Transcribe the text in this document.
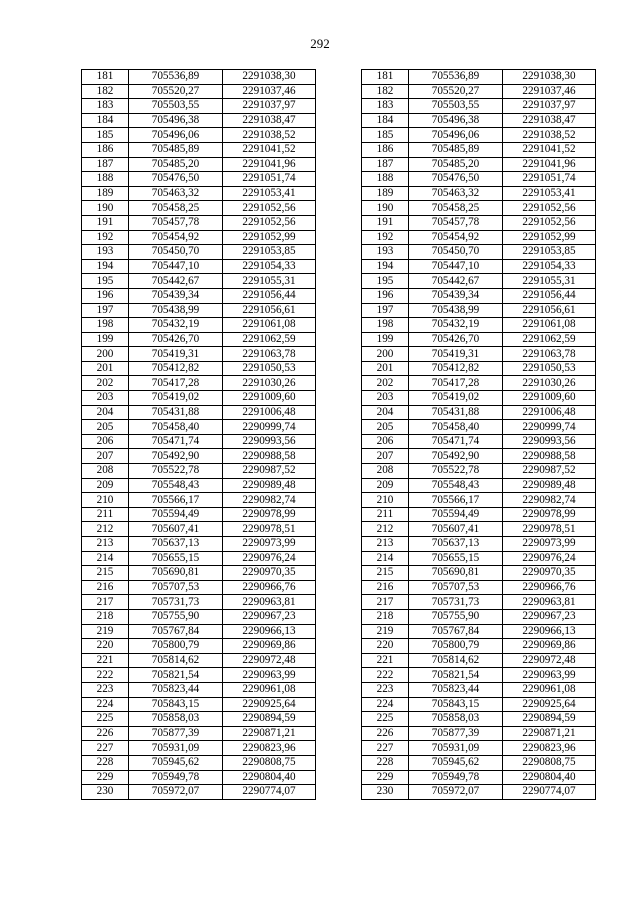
292
181	705536,89	2291038,30		181	705536,89	2291038,30
182	705520,27	2291037,46		182	705520,27	2291037,46
183	705503,55	2291037,97		183	705503,55	2291037,97
184	705496,38	2291038,47		184	705496,38	2291038,47
185	705496,06	2291038,52		185	705496,06	2291038,52
186	705485,89	2291041,52		186	705485,89	2291041,52
187	705485,20	2291041,96		187	705485,20	2291041,96
188	705476,50	2291051,74		188	705476,50	2291051,74
189	705463,32	2291053,41		189	705463,32	2291053,41
190	705458,25	2291052,56		190	705458,25	2291052,56
191	705457,78	2291052,56		191	705457,78	2291052,56
192	705454,92	2291052,99		192	705454,92	2291052,99
193	705450,70	2291053,85		193	705450,70	2291053,85
194	705447,10	2291054,33		194	705447,10	2291054,33
195	705442,67	2291055,31		195	705442,67	2291055,31
196	705439,34	2291056,44		196	705439,34	2291056,44
197	705438,99	2291056,61		197	705438,99	2291056,61
198	705432,19	2291061,08		198	705432,19	2291061,08
199	705426,70	2291062,59		199	705426,70	2291062,59
200	705419,31	2291063,78		200	705419,31	2291063,78
201	705412,82	2291050,53		201	705412,82	2291050,53
202	705417,28	2291030,26		202	705417,28	2291030,26
203	705419,02	2291009,60		203	705419,02	2291009,60
204	705431,88	2291006,48		204	705431,88	2291006,48
205	705458,40	2290999,74		205	705458,40	2290999,74
206	705471,74	2290993,56		206	705471,74	2290993,56
207	705492,90	2290988,58		207	705492,90	2290988,58
208	705522,78	2290987,52		208	705522,78	2290987,52
209	705548,43	2290989,48		209	705548,43	2290989,48
210	705566,17	2290982,74		210	705566,17	2290982,74
211	705594,49	2290978,99		211	705594,49	2290978,99
212	705607,41	2290978,51		212	705607,41	2290978,51
213	705637,13	2290973,99		213	705637,13	2290973,99
214	705655,15	2290976,24		214	705655,15	2290976,24
215	705690,81	2290970,35		215	705690,81	2290970,35
216	705707,53	2290966,76		216	705707,53	2290966,76
217	705731,73	2290963,81		217	705731,73	2290963,81
218	705755,90	2290967,23		218	705755,90	2290967,23
219	705767,84	2290966,13		219	705767,84	2290966,13
220	705800,79	2290969,86		220	705800,79	2290969,86
221	705814,62	2290972,48		221	705814,62	2290972,48
222	705821,54	2290963,99		222	705821,54	2290963,99
223	705823,44	2290961,08		223	705823,44	2290961,08
224	705843,15	2290925,64		224	705843,15	2290925,64
225	705858,03	2290894,59		225	705858,03	2290894,59
226	705877,39	2290871,21		226	705877,39	2290871,21
227	705931,09	2290823,96		227	705931,09	2290823,96
228	705945,62	2290808,75		228	705945,62	2290808,75
229	705949,78	2290804,40		229	705949,78	2290804,40
230	705972,07	2290774,07		230	705972,07	2290774,07
